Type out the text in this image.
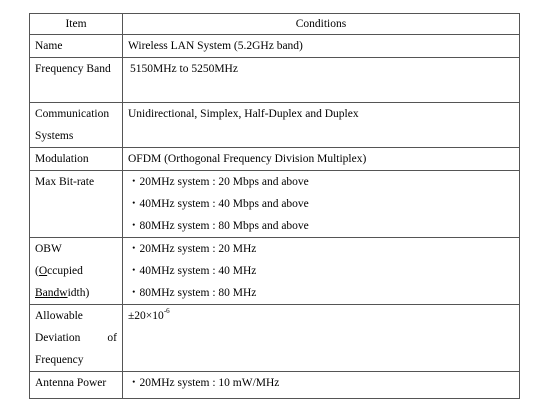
Item	Conditions
Name	Wireless LAN System (5.2GHz band)
Frequency Band	5150MHz to 5250MHz

Communication
Systems	Unidirectional, Simplex, Half-Duplex and Duplex
Modulation	OFDM (Orthogonal Frequency Division Multiplex)
Max Bit-rate	・20MHz system : 20 Mbps and above
・40MHz system : 40 Mbps and above
・80MHz system : 80 Mbps and above

OBW
(Occupied
Bandwidth)	・20MHz system : 20 MHz
・40MHz system : 40 MHz
・80MHz system : 80 MHz

Allowable
Deviation of
Frequency	$\pm 20\times 10^{-6}$
Antenna Power	・20MHz system : 10 mW/MHz
